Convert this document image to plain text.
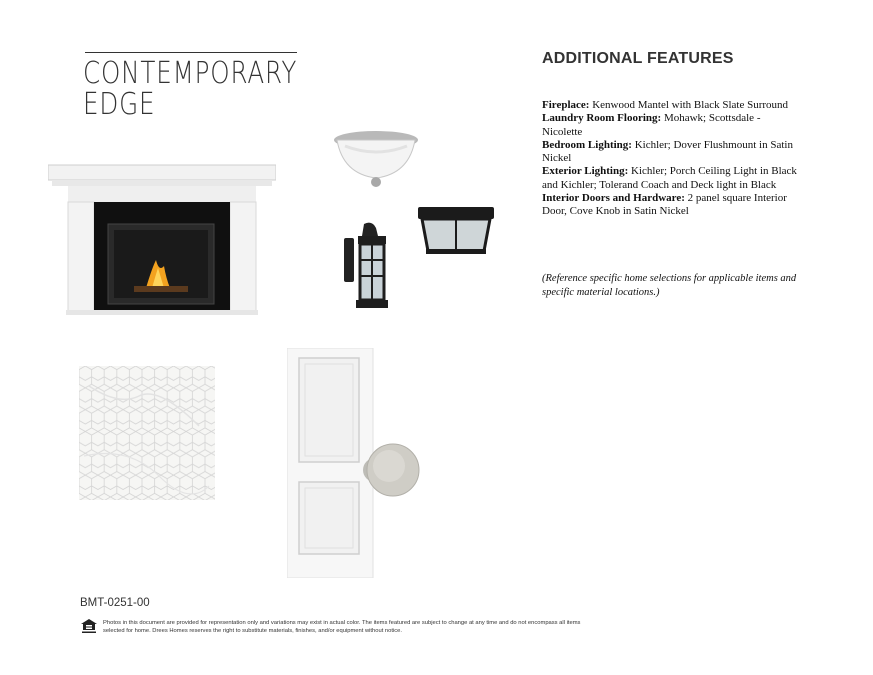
CONTEMPORARY
EDGE
ADDITIONAL FEATURES
Fireplace: Kenwood Mantel with Black Slate Surround
Laundry Room Flooring: Mohawk; Scottsdale - Nicolette
Bedroom Lighting: Kichler; Dover Flushmount in Satin Nickel
Exterior Lighting: Kichler; Porch Ceiling Light in Black and Kichler; Tolerand Coach and Deck light in Black
Interior Doors and Hardware: 2 panel square Interior Door, Cove Knob in Satin Nickel
(Reference specific home selections for applicable items and specific material locations.)
BMT-0251-00
Photos in this document are provided for representation only and variations may exist in actual color. The items featured are subject to change at any time and do not encompass all items selected for home. Drees Homes reserves the right to substitute materials, finishes, and/or equipment without notice.
